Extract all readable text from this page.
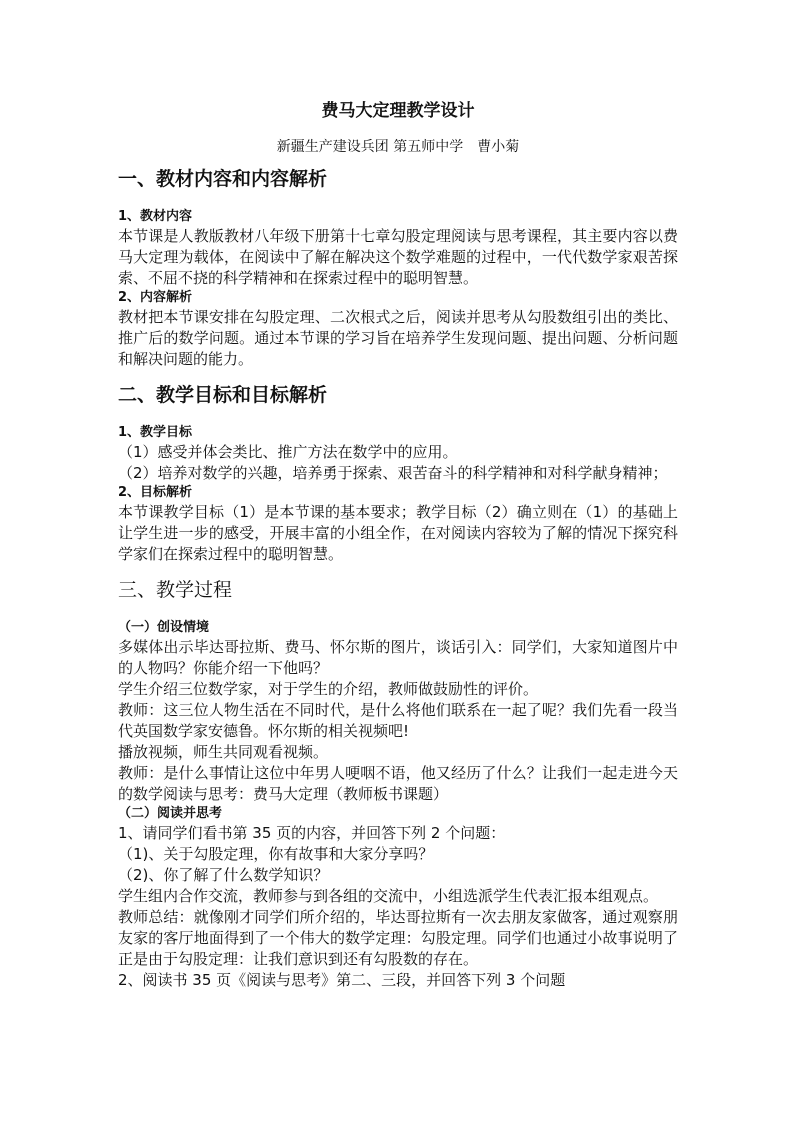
费马大定理教学设计
新疆生产建设兵团 第五师中学　曹小菊
一、教材内容和内容解析
1、教材内容
本节课是人教版教材八年级下册第十七章勾股定理阅读与思考课程，其主要内容以费马大定理为载体，在阅读中了解在解决这个数学难题的过程中，一代代数学家艰苦探索、不屈不挠的科学精神和在探索过程中的聪明智慧。
2、内容解析
教材把本节课安排在勾股定理、二次根式之后，阅读并思考从勾股数组引出的类比、推广后的数学问题。通过本节课的学习旨在培养学生发现问题、提出问题、分析问题和解决问题的能力。
二、教学目标和目标解析
1、教学目标
（1）感受并体会类比、推广方法在数学中的应用。
（2）培养对数学的兴趣，培养勇于探索、艰苦奋斗的科学精神和对科学献身精神；
2、目标解析
本节课教学目标（1）是本节课的基本要求；教学目标（2）确立则在（1）的基础上让学生进一步的感受，开展丰富的小组全作，在对阅读内容较为了解的情况下探究科学家们在探索过程中的聪明智慧。
三、教学过程
（一）创设情境
多媒体出示毕达哥拉斯、费马、怀尔斯的图片，谈话引入：同学们，大家知道图片中的人物吗？你能介绍一下他吗？
学生介绍三位数学家，对于学生的介绍，教师做鼓励性的评价。
教师：这三位人物生活在不同时代，是什么将他们联系在一起了呢？我们先看一段当代英国数学家安德鲁。怀尔斯的相关视频吧!
播放视频，师生共同观看视频。
教师：是什么事情让这位中年男人哽咽不语，他又经历了什么？让我们一起走进今天的数学阅读与思考：费马大定理（教师板书课题）
（二）阅读并思考
1、请同学们看书第 35 页的内容，并回答下列 2 个问题：
（1)、关于勾股定理，你有故事和大家分享吗？
（2)、你了解了什么数学知识？
学生组内合作交流，教师参与到各组的交流中，小组选派学生代表汇报本组观点。
教师总结：就像刚才同学们所介绍的，毕达哥拉斯有一次去朋友家做客，通过观察朋友家的客厅地面得到了一个伟大的数学定理：勾股定理。同学们也通过小故事说明了正是由于勾股定理：让我们意识到还有勾股数的存在。
2、阅读书 35 页《阅读与思考》第二、三段，并回答下列 3 个问题
